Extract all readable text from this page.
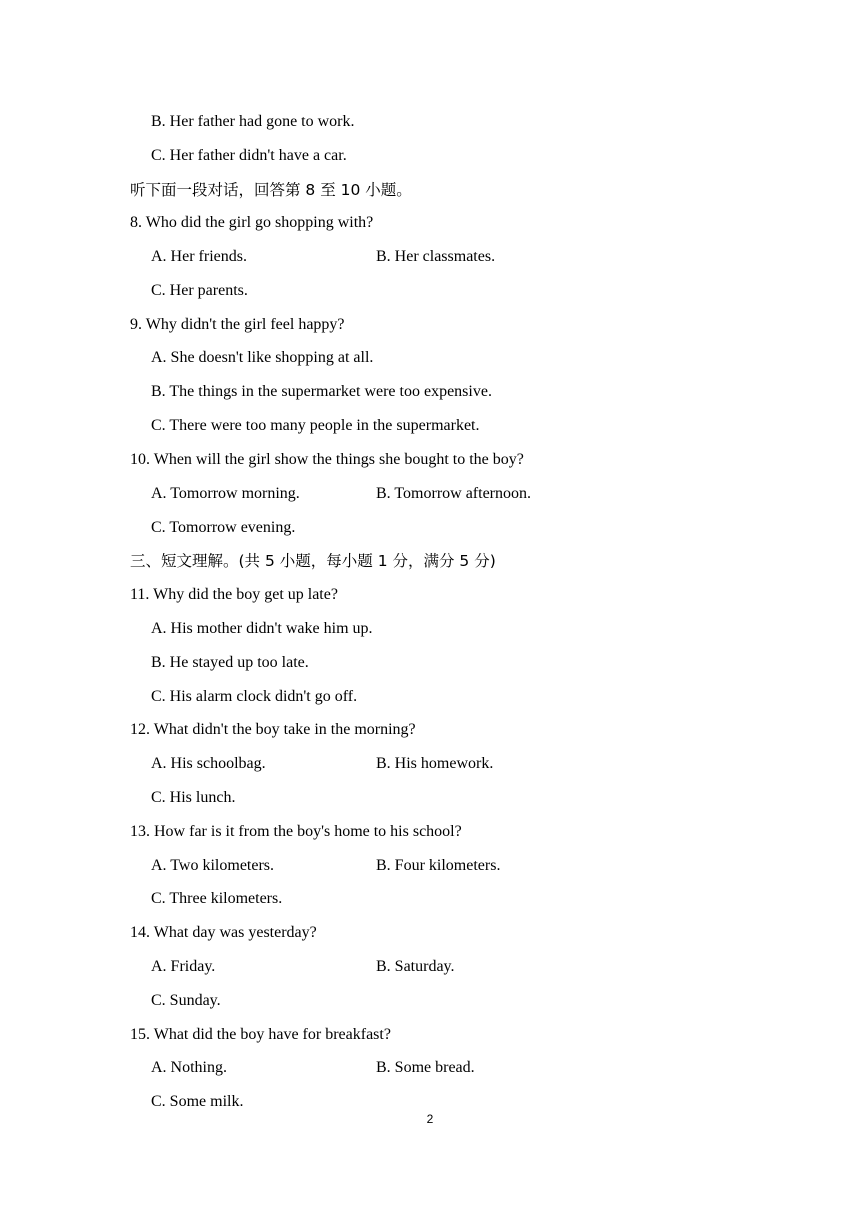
B. Her father had gone to work.
C. Her father didn't have a car.
听下面一段对话，回答第 8 至 10 小题。
8. Who did the girl go shopping with?
A. Her friends.	B. Her classmates.
C. Her parents.
9. Why didn't the girl feel happy?
A. She doesn't like shopping at all.
B. The things in the supermarket were too expensive.
C. There were too many people in the supermarket.
10. When will the girl show the things she bought to the boy?
A. Tomorrow morning.	B. Tomorrow afternoon.
C. Tomorrow evening.
三、短文理解。(共 5 小题，每小题 1 分，满分 5 分)
11. Why did the boy get up late?
A. His mother didn't wake him up.
B. He stayed up too late.
C. His alarm clock didn't go off.
12. What didn't the boy take in the morning?
A. His schoolbag.	B. His homework.
C. His lunch.
13. How far is it from the boy's home to his school?
A. Two kilometers.	B. Four kilometers.
C. Three kilometers.
14. What day was yesterday?
A. Friday.	B. Saturday.
C. Sunday.
15. What did the boy have for breakfast?
A. Nothing.	B. Some bread.
C. Some milk.
2
